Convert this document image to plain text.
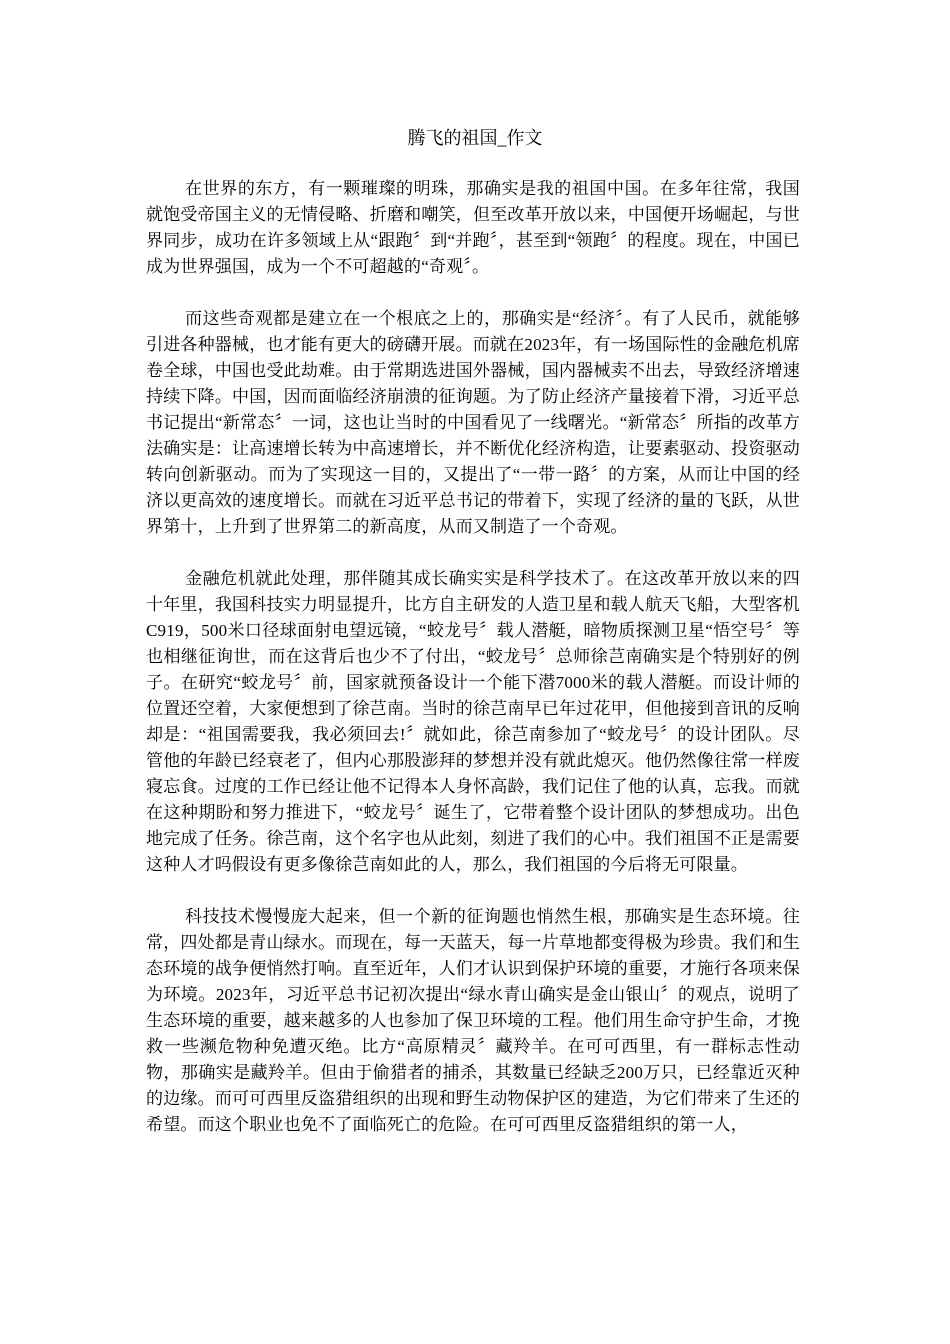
腾飞的祖国_作文

在世界的东方，有一颗璀璨的明珠，那确实是我的祖国中国。在多年往常，我国就饱受帝国主义的无情侵略、折磨和嘲笑，但至改革开放以来，中国便开场崛起，与世界同步，成功在许多领域上从“跟跑〞到“并跑〞，甚至到“领跑〞的程度。现在，中国已成为世界强国，成为一个不可超越的“奇观〞。

而这些奇观都是建立在一个根底之上的，那确实是“经济〞。有了人民币，就能够引进各种器械，也才能有更大的磅礴开展。而就在2023年，有一场国际性的金融危机席卷全球，中国也受此劫难。由于常期选进国外器械，国内器械卖不出去，导致经济增速持续下降。中国，因而面临经济崩溃的征询题。为了防止经济产量接着下滑，习近平总书记提出“新常态〞一词，这也让当时的中国看见了一线曙光。“新常态〞所指的改革方法确实是：让高速增长转为中高速增长，并不断优化经济构造，让要素驱动、投资驱动转向创新驱动。而为了实现这一目的，又提出了“一带一路〞的方案，从而让中国的经济以更高效的速度增长。而就在习近平总书记的带着下，实现了经济的量的飞跃，从世界第十，上升到了世界第二的新高度，从而又制造了一个奇观。

金融危机就此处理，那伴随其成长确实实是科学技术了。在这改革开放以来的四十年里，我国科技实力明显提升，比方自主研发的人造卫星和载人航天飞船，大型客机C919，500米口径球面射电望远镜，“蛟龙号〞载人潜艇，暗物质探测卫星“悟空号〞等也相继征询世，而在这背后也少不了付出，“蛟龙号〞总师徐芑南确实是个特别好的例子。在研究“蛟龙号〞前，国家就预备设计一个能下潜7000米的载人潜艇。而设计师的位置还空着，大家便想到了徐芑南。当时的徐芑南早已年过花甲，但他接到音讯的反响却是：“祖国需要我，我必须回去!〞就如此，徐芑南参加了“蛟龙号〞的设计团队。尽管他的年龄已经衰老了，但内心那股澎拜的梦想并没有就此熄灭。他仍然像往常一样废寝忘食。过度的工作已经让他不记得本人身怀高龄，我们记住了他的认真，忘我。而就在这种期盼和努力推进下，“蛟龙号〞诞生了，它带着整个设计团队的梦想成功。出色地完成了任务。徐芑南，这个名字也从此刻，刻进了我们的心中。我们祖国不正是需要这种人才吗假设有更多像徐芑南如此的人，那么，我们祖国的今后将无可限量。

科技技术慢慢庞大起来，但一个新的征询题也悄然生根，那确实是生态环境。往常，四处都是青山绿水。而现在，每一天蓝天，每一片草地都变得极为珍贵。我们和生态环境的战争便悄然打响。直至近年，人们才认识到保护环境的重要，才施行各项来保为环境。2023年，习近平总书记初次提出“绿水青山确实是金山银山〞的观点，说明了生态环境的重要，越来越多的人也参加了保卫环境的工程。他们用生命守护生命，才挽救一些濒危物种免遭灭绝。比方“高原精灵〞藏羚羊。在可可西里，有一群标志性动物，那确实是藏羚羊。但由于偷猎者的捕杀，其数量已经缺乏200万只，已经靠近灭种的边缘。而可可西里反盗猎组织的出现和野生动物保护区的建造，为它们带来了生还的希望。而这个职业也免不了面临死亡的危险。在可可西里反盗猎组织的第一人，
